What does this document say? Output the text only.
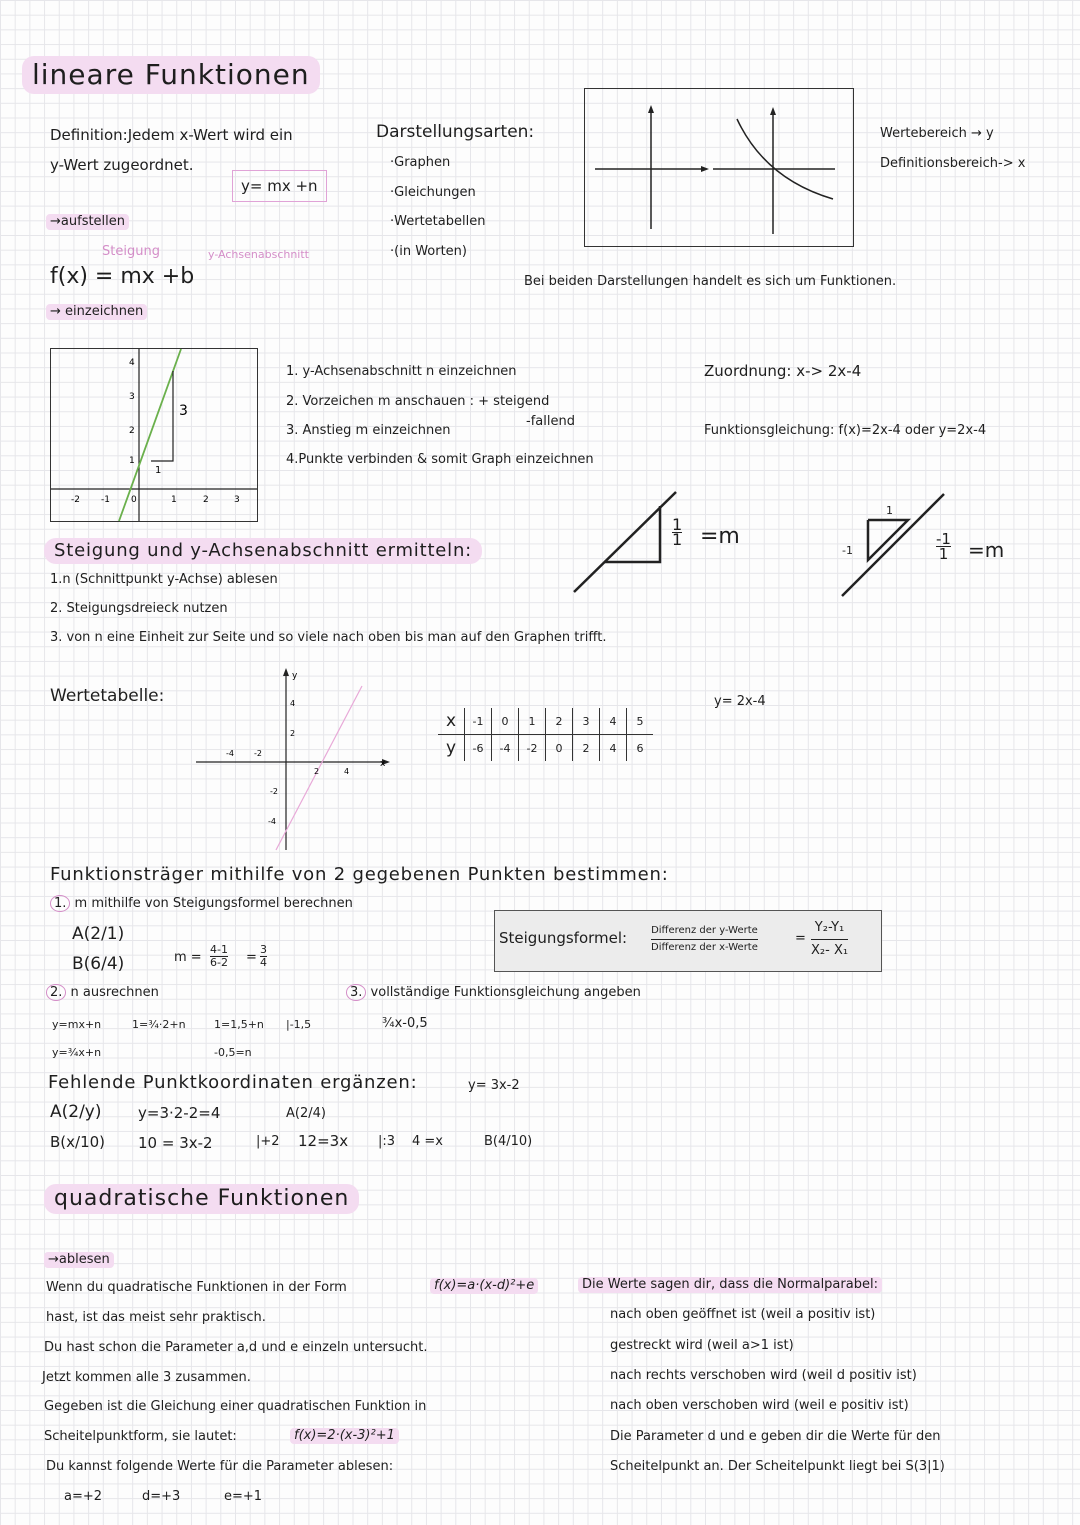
lineare Funktionen
Definition:Jedem x-Wert wird ein
y-Wert zugeordnet.
y= mx +n
→aufstellen
Steigung	y-Achsenabschnitt
f(x) = mx +b
→ einzeichnen
Darstellungsarten:
·Graphen
·Gleichungen
·Wertetabellen
·(in Worten)
Wertebereich → y
Definitionsbereich-> x
Bei beiden Darstellungen handelt es sich um Funktionen.
-2 -1 0	1	2	3
4
3
2
1
3
1
1. y-Achsenabschnitt n einzeichnen
2. Vorzeichen m anschauen : + steigend
-fallend
3. Anstieg m einzeichnen
4.Punkte verbinden & somit Graph einzeichnen
Zuordnung: x-> 2x-4
Funktionsgleichung: f(x)=2x-4 oder y=2x-4
1
1 =m
1
-1
-1
1 =m
Steigung und y-Achsenabschnitt ermitteln:
1.n (Schnittpunkt y-Achse) ablesen
2. Steigungsdreieck nutzen
3. von n eine Einheit zur Seite und so viele nach oben bis man auf den Graphen trifft.
Wertetabelle:
y
x
-4	-2
2	4
4
2
-2
-4
x	-1	0	1	2	3	4	5
y	-6	-4	-2	0	2	4	6
y= 2x-4
Funktionsträger mithilfe von 2 gegebenen Punkten bestimmen:
1. m mithilfe von Steigungsformel berechnen
A(2/1)
B(6/4)	m =
4-1
6-2 =
3
4
2. n ausrechnen	3. vollständige Funktionsgleichung angeben
y=mx+n	1=¾·2+n	1=1,5+n |-1,5
y=¾x+n	-0,5=n
¾x-0,5
Steigungsformel: Differenz der y-Werte
Differenz der x-Werte
=
Y₂-Y₁
X₂- X₁
Fehlende Punktkoordinaten ergänzen:	y= 3x-2
A(2/y) y=3·2-2=4	A(2/4)
B(x/10) 10 = 3x-2	|+2 12=3x |:3 4 =x	B(4/10)
quadratische Funktionen
→ablesen
Wenn du quadratische Funktionen in der Form	f(x)=a·(x-d)²+e
hast, ist das meist sehr praktisch.
Du hast schon die Parameter a,d und e einzeln untersucht.
Jetzt kommen alle 3 zusammen.
Gegeben ist die Gleichung einer quadratischen Funktion in
Scheitelpunktform, sie lautet:	f(x)=2·(x-3)²+1
Du kannst folgende Werte für die Parameter ablesen:
a=+2	d=+3	e=+1
Die Werte sagen dir, dass die Normalparabel:
nach oben geöffnet ist (weil a positiv ist)
gestreckt wird (weil a>1 ist)
nach rechts verschoben wird (weil d positiv ist)
nach oben verschoben wird (weil e positiv ist)
Die Parameter d und e geben dir die Werte für den
Scheitelpunkt an. Der Scheitelpunkt liegt bei S(3|1)
